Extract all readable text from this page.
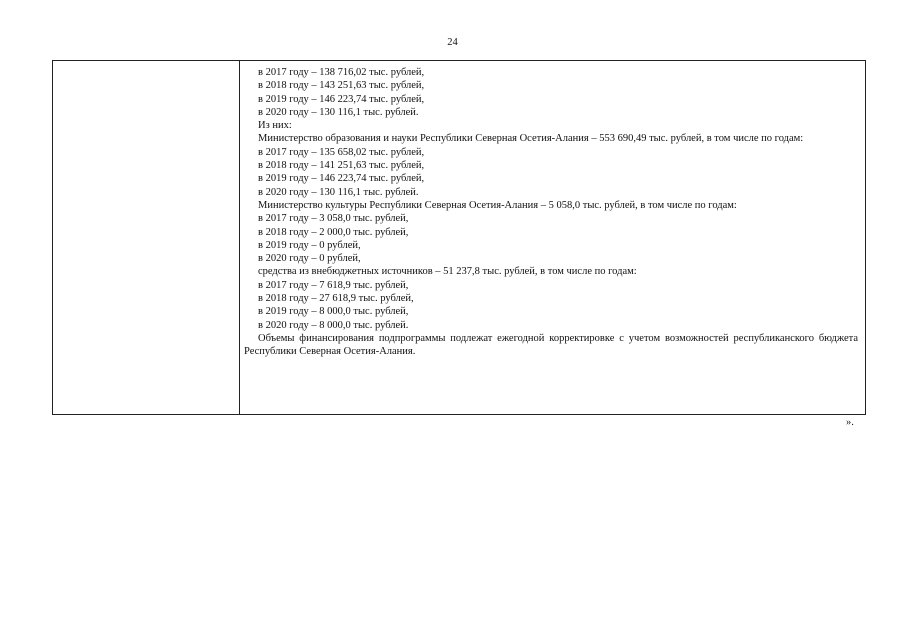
24
в 2017 году – 138 716,02 тыс. рублей,
в 2018 году – 143 251,63 тыс. рублей,
в 2019 году – 146 223,74 тыс. рублей,
в 2020 году – 130 116,1 тыс. рублей.
Из них:
Министерство образования и науки Республики Северная Осетия-Алания – 553 690,49 тыс. рублей, в том числе по годам:
в 2017 году – 135 658,02 тыс. рублей,
в 2018 году – 141 251,63 тыс. рублей,
в 2019 году – 146 223,74 тыс. рублей,
в 2020 году – 130 116,1 тыс. рублей.
Министерство культуры Республики Северная Осетия-Алания – 5 058,0 тыс. рублей, в том числе по годам:
в 2017 году – 3 058,0 тыс. рублей,
в 2018 году – 2 000,0 тыс. рублей,
в 2019 году – 0 рублей,
в 2020 году – 0 рублей,
средства из внебюджетных источников – 51 237,8 тыс. рублей, в том числе по годам:
в 2017 году – 7 618,9 тыс. рублей,
в 2018 году – 27 618,9 тыс. рублей,
в 2019 году – 8 000,0 тыс. рублей,
в 2020 году – 8 000,0 тыс. рублей.
Объемы финансирования подпрограммы подлежат ежегодной корректировке с учетом возможностей республиканского бюджета Республики Северная Осетия-Алания.
».
